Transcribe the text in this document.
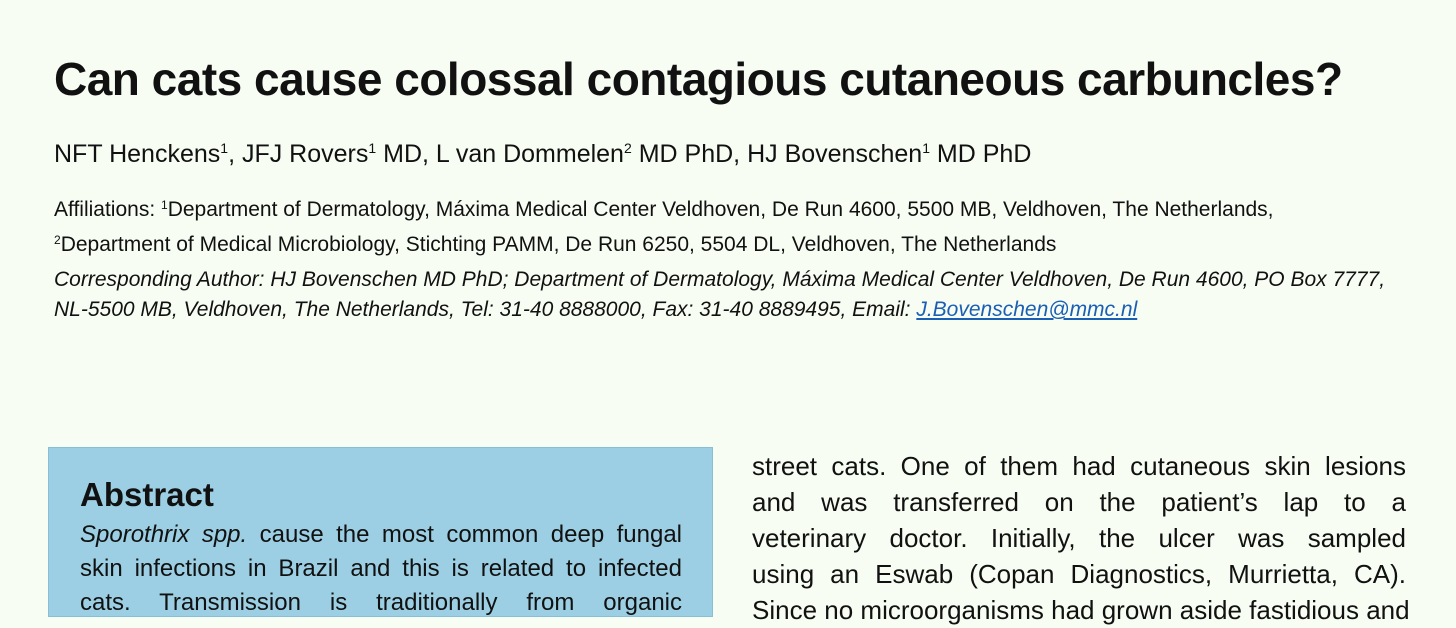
Can cats cause colossal contagious cutaneous carbuncles?
NFT Henckens$^1$, JFJ Rovers$^1$ MD, L van Dommelen$^2$ MD PhD, HJ Bovenschen$^1$ MD PhD
Affiliations: $^1$Department of Dermatology, Máxima Medical Center Veldhoven, De Run 4600, 5500 MB, Veldhoven, The Netherlands, $^2$Department of Medical Microbiology, Stichting PAMM, De Run 6250, 5504 DL, Veldhoven, The Netherlands
Corresponding Author: HJ Bovenschen MD PhD; Department of Dermatology, Máxima Medical Center Veldhoven, De Run 4600, PO Box 7777, NL-5500 MB, Veldhoven, The Netherlands, Tel: 31-40 8888000, Fax: 31-40 8889495, Email: J.Bovenschen@mmc.nl
Abstract
Sporothrix spp. cause the most common deep fungal
skin infections in Brazil and this is related to infected
cats. Transmission is traditionally from organic
street cats. One of them had cutaneous skin lesions
and was transferred on the patient’s lap to a
veterinary doctor. Initially, the ulcer was sampled
using an Eswab (Copan Diagnostics, Murrietta, CA).
Since no microorganisms had grown aside fastidious and
